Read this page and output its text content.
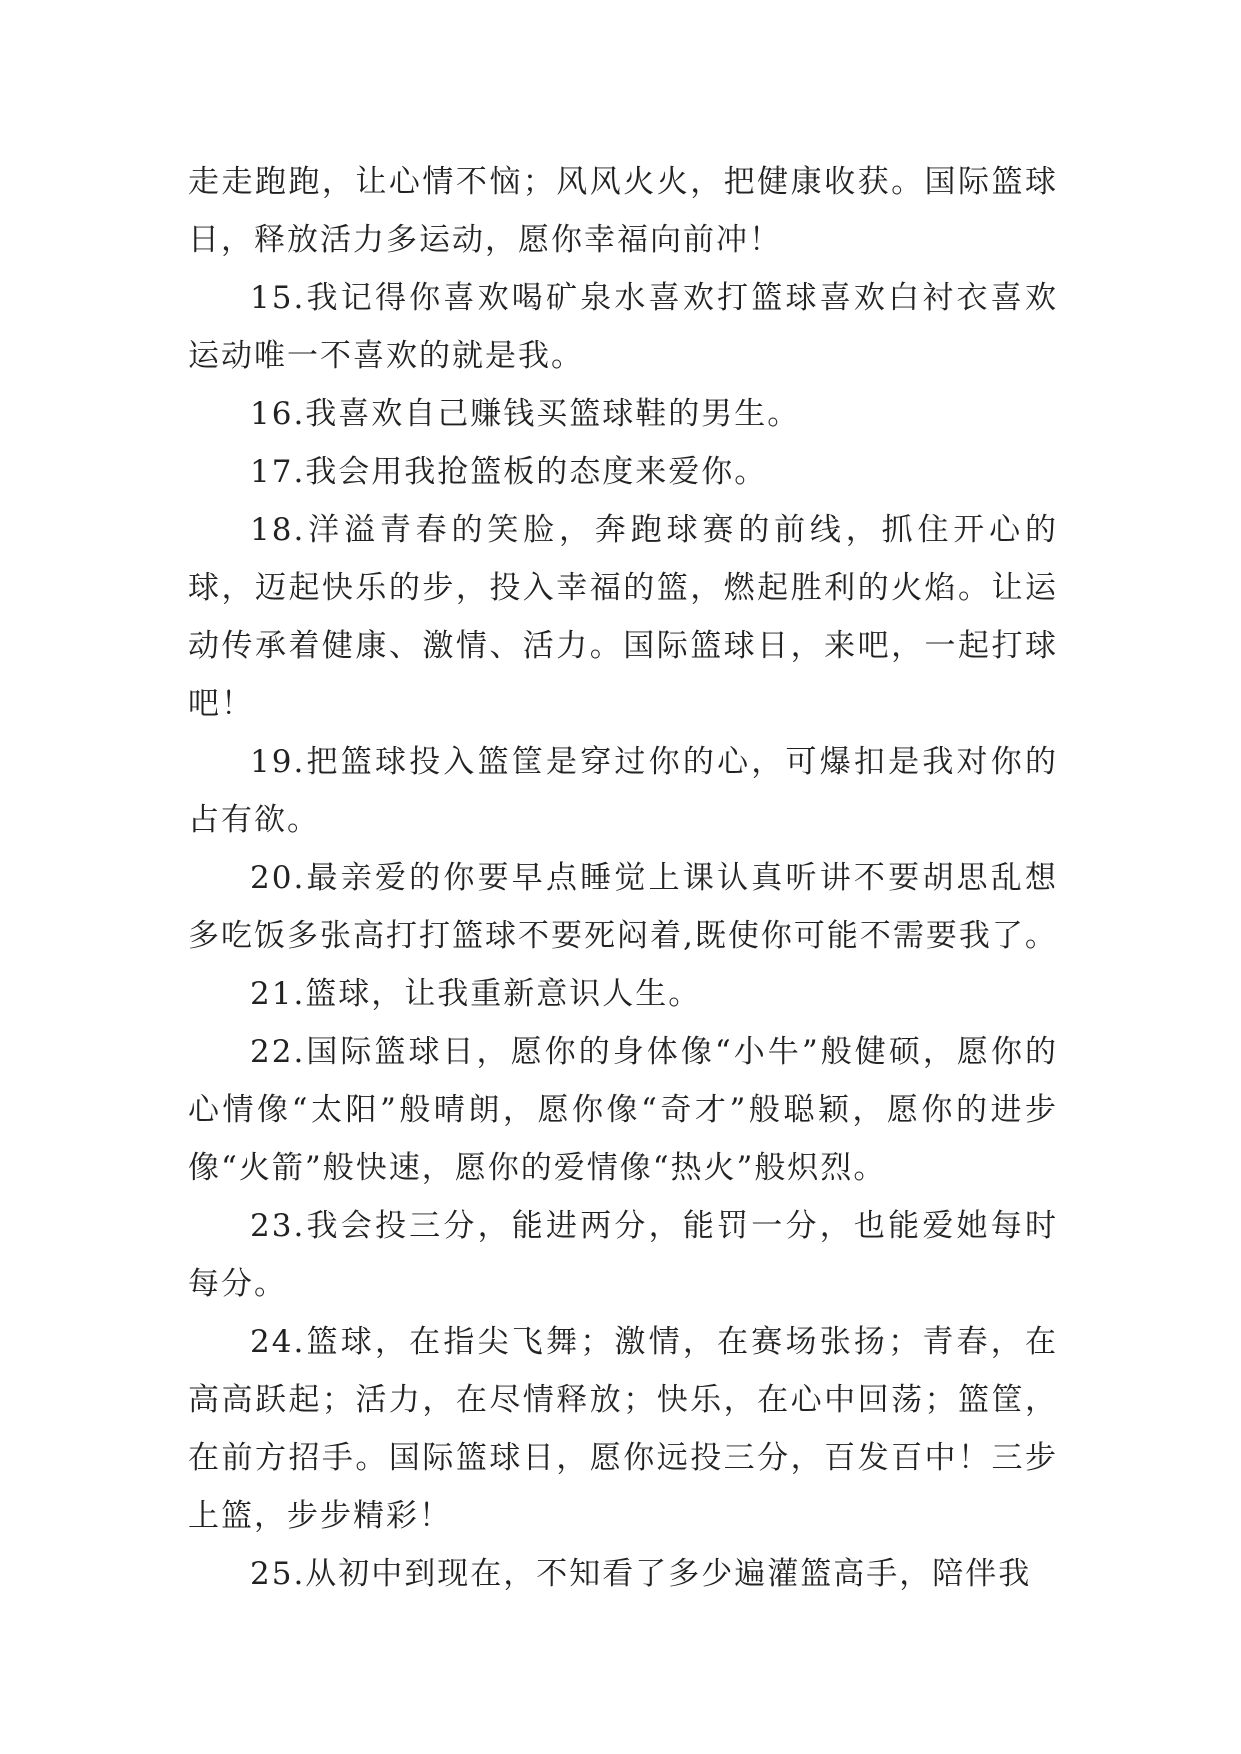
走走跑跑，让心情不恼；风风火火，把健康收获。国际篮球日，释放活力多运动，愿你幸福向前冲！

15.我记得你喜欢喝矿泉水喜欢打篮球喜欢白衬衣喜欢运动唯一不喜欢的就是我。

16.我喜欢自己赚钱买篮球鞋的男生。

17.我会用我抢篮板的态度来爱你。

18.洋溢青春的笑脸，奔跑球赛的前线，抓住开心的球，迈起快乐的步，投入幸福的篮，燃起胜利的火焰。让运动传承着健康、激情、活力。国际篮球日，来吧，一起打球吧！

19.把篮球投入篮筐是穿过你的心，可爆扣是我对你的占有欲。

20.最亲爱的你要早点睡觉上课认真听讲不要胡思乱想多吃饭多张高打打篮球不要死闷着,既使你可能不需要我了。

21.篮球，让我重新意识人生。

22.国际篮球日，愿你的身体像“小牛”般健硕，愿你的心情像“太阳”般晴朗，愿你像“奇才”般聪颖，愿你的进步像“火箭”般快速，愿你的爱情像“热火”般炽烈。

23.我会投三分，能进两分，能罚一分，也能爱她每时每分。

24.篮球，在指尖飞舞；激情，在赛场张扬；青春，在高高跃起；活力，在尽情释放；快乐，在心中回荡；篮筐，在前方招手。国际篮球日，愿你远投三分，百发百中！三步上篮，步步精彩！

25.从初中到现在，不知看了多少遍灌篮高手，陪伴我
